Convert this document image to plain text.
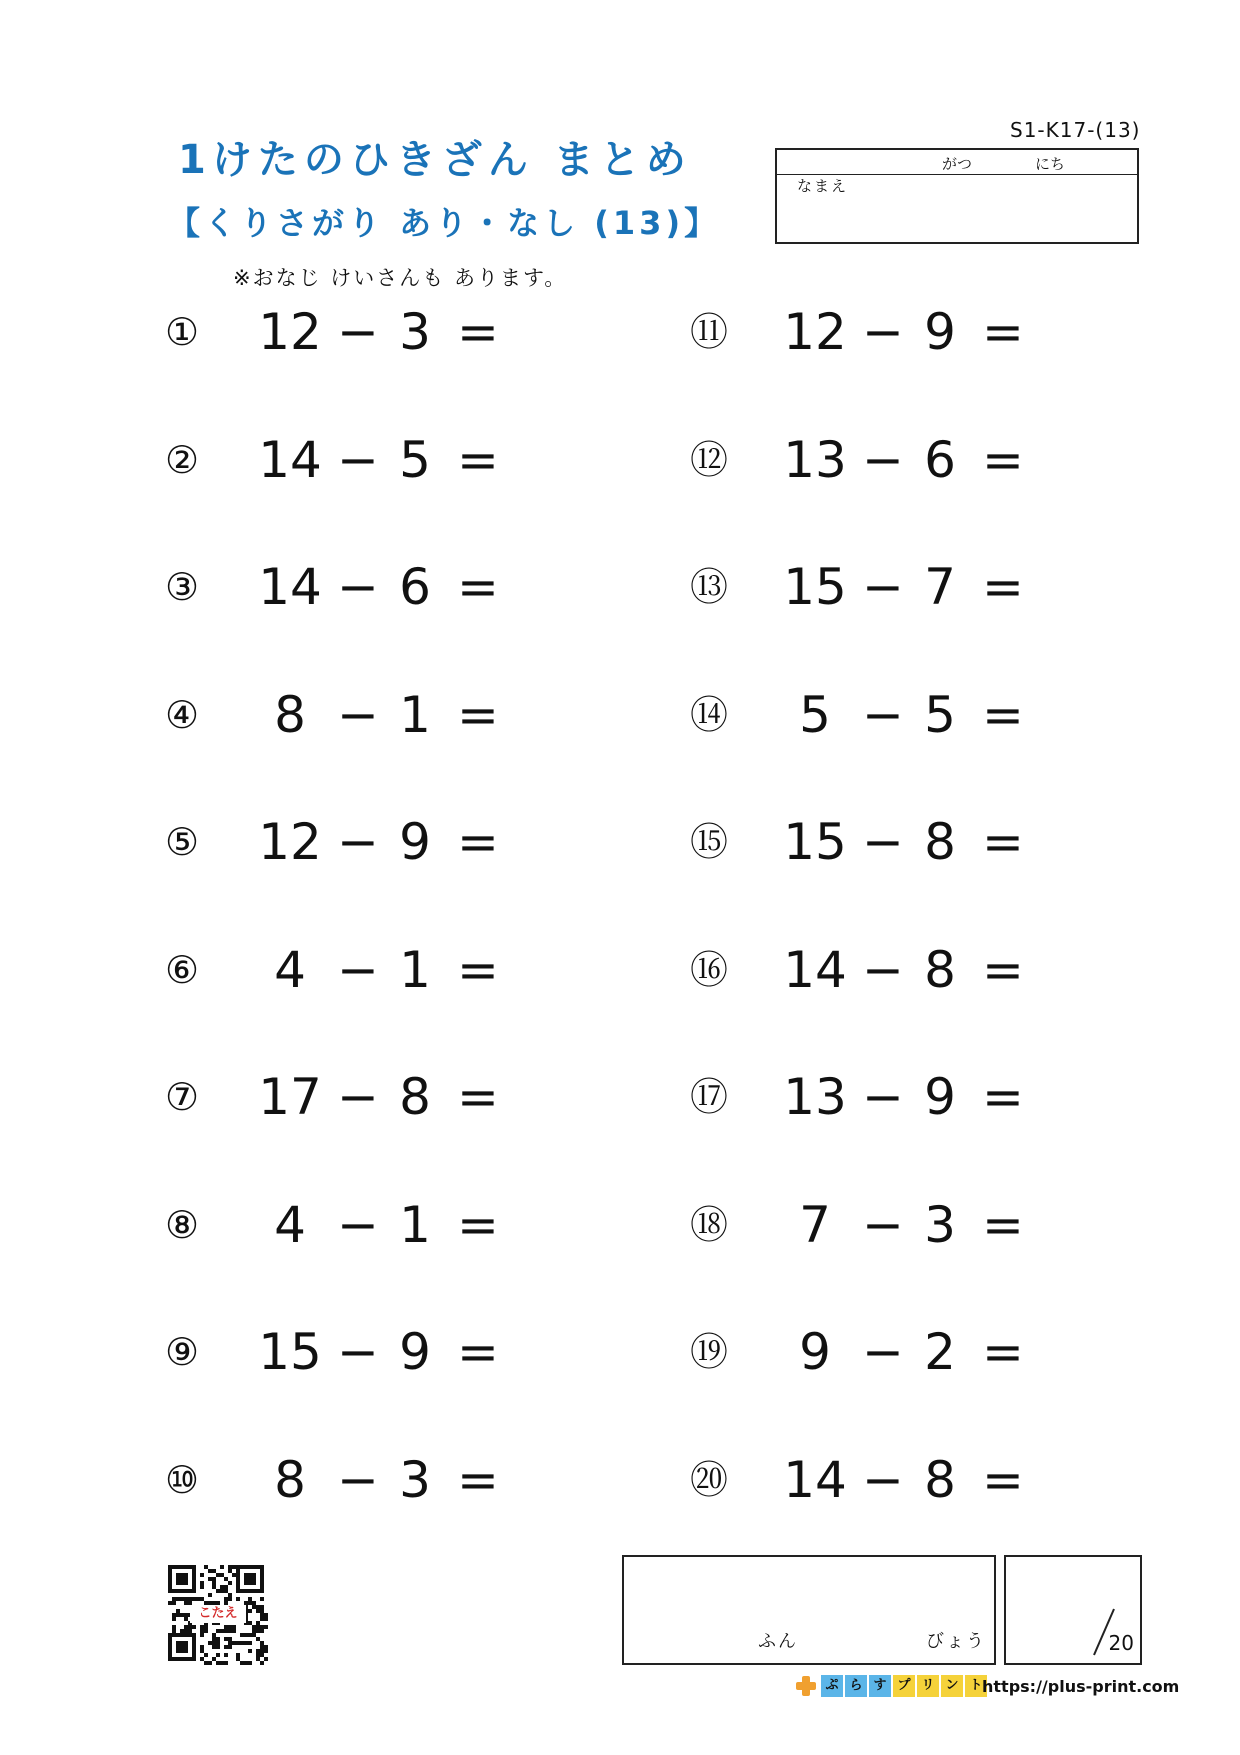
S1-K17-(13)
1けたのひきざん まとめ
【くりさがり あり・なし (13)】
※おなじ けいさんも あります。
がつ	にち
なまえ
①	12 − 3 =
②	14 − 5 =
③	14 − 6 =
④	8 − 1 =
⑤	12 − 9 =
⑥	4 − 1 =
⑦	17 − 8 =
⑧	4 − 1 =
⑨	15 − 9 =
⑩	8 − 3 =
⑪	12 − 9 =
⑫	13 − 6 =
⑬	15 − 7 =
⑭	5 − 5 =
⑮	15 − 8 =
⑯	14 − 8 =
⑰	13 − 9 =
⑱	7 − 3 =
⑲	9 − 2 =
⑳	14 − 8 =
こたえ
ふん	びょう	20
ぷ ら す プ リ ン ト https://plus-print.com
